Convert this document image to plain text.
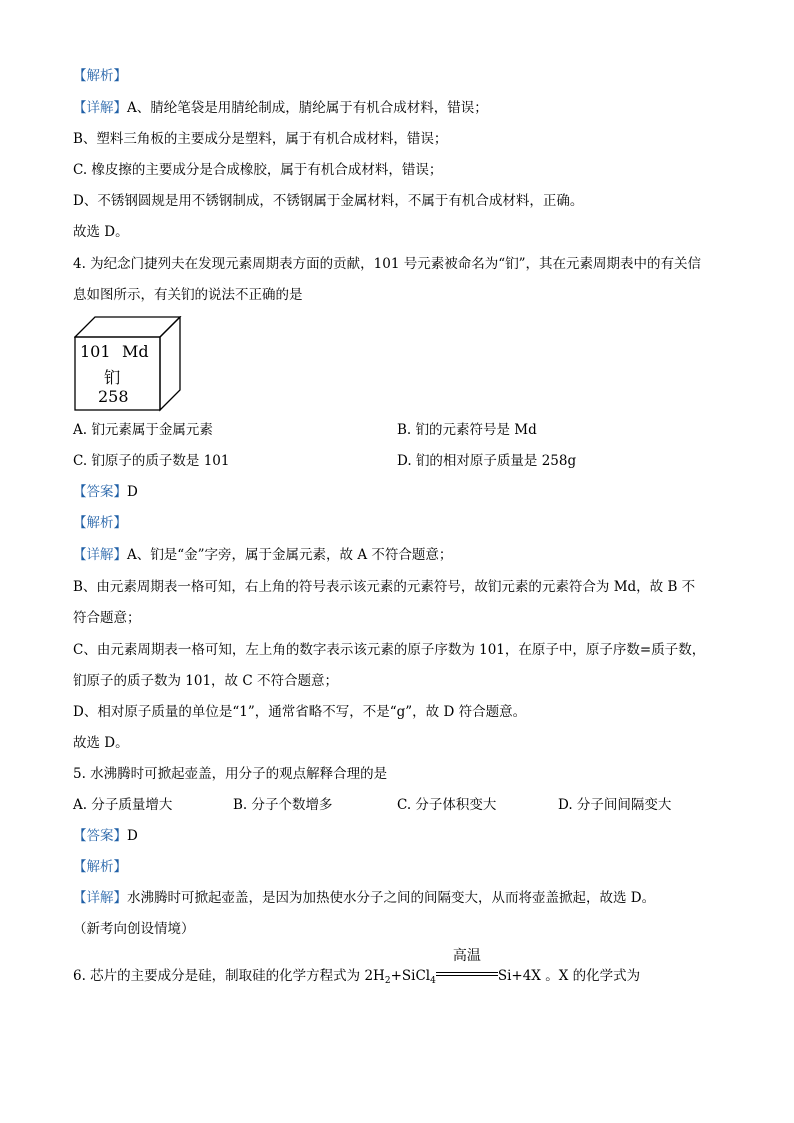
【解析】
【详解】A、腈纶笔袋是用腈纶制成，腈纶属于有机合成材料，错误；
B、塑料三角板的主要成分是塑料，属于有机合成材料，错误；
C. 橡皮擦的主要成分是合成橡胶，属于有机合成材料，错误；
D、不锈钢圆规是用不锈钢制成，不锈钢属于金属材料，不属于有机合成材料，正确。
故选 D。
4. 为纪念门捷列夫在发现元素周期表方面的贡献，101 号元素被命名为“钔”，其在元素周期表中的有关信
息如图所示，有关钔的说法不正确的是
101 Md
钔
258
A. 钔元素属于金属元素	B. 钔的元素符号是 Md
C. 钔原子的质子数是 101	D. 钔的相对原子质量是 258g
【答案】D
【解析】
【详解】A、钔是“金”字旁，属于金属元素，故 A 不符合题意；
B、由元素周期表一格可知，右上角的符号表示该元素的元素符号，故钔元素的元素符合为 Md，故 B 不
符合题意；
C、由元素周期表一格可知，左上角的数字表示该元素的原子序数为 101，在原子中，原子序数=质子数，
钔原子的质子数为 101，故 C 不符合题意；
D、相对原子质量的单位是“1”，通常省略不写，不是“g”，故 D 符合题意。
故选 D。
5. 水沸腾时可掀起壶盖，用分子的观点解释合理的是
A. 分子质量增大	B. 分子个数增多	C. 分子体积变大	D. 分子间间隔变大
【答案】D
【解析】
【详解】水沸腾时可掀起壶盖，是因为加热使水分子之间的间隔变大，从而将壶盖掀起，故选 D。
（新考向创设情境）
6. 芯片的主要成分是硅，制取硅的化学方程式为 $2H_2+SiCl_4$
高温
Si+4X 。X 的化学式为
